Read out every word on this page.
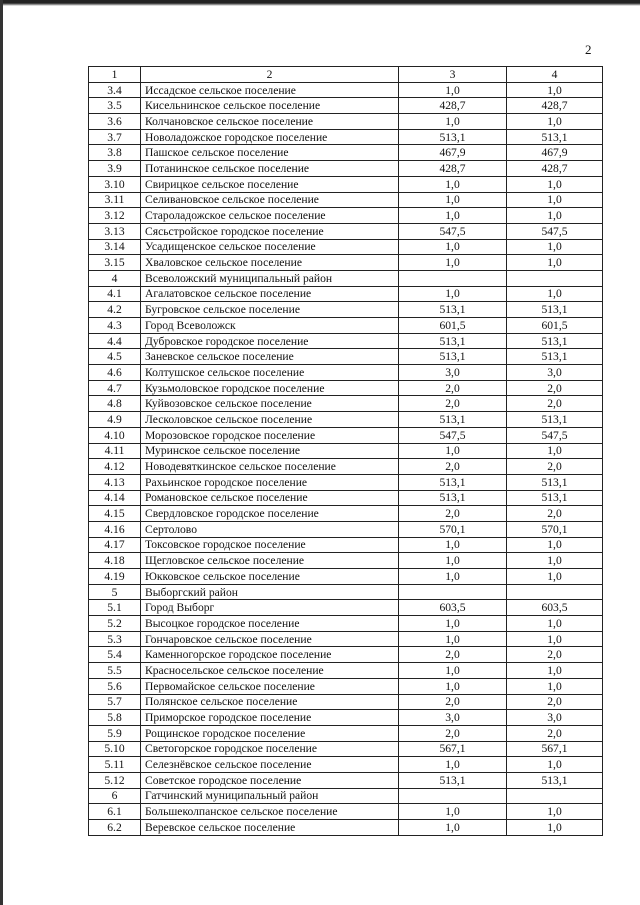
2
1	2	3	4
3.4	Иссадское сельское поселение	1,0	1,0
3.5	Кисельнинское сельское поселение	428,7	428,7
3.6	Колчановское сельское поселение	1,0	1,0
3.7	Новоладожское городское поселение	513,1	513,1
3.8	Пашское сельское поселение	467,9	467,9
3.9	Потанинское сельское поселение	428,7	428,7
3.10	Свирицкое сельское поселение	1,0	1,0
3.11	Селивановское сельское поселение	1,0	1,0
3.12	Староладожское сельское поселение	1,0	1,0
3.13	Сясьстройское городское поселение	547,5	547,5
3.14	Усадищенское сельское поселение	1,0	1,0
3.15	Хваловское сельское поселение	1,0	1,0
4	Всеволожский муниципальный район		
4.1	Агалатовское сельское поселение	1,0	1,0
4.2	Бугровское сельское поселение	513,1	513,1
4.3	Город Всеволожск	601,5	601,5
4.4	Дубровское городское поселение	513,1	513,1
4.5	Заневское сельское поселение	513,1	513,1
4.6	Колтушское сельское поселение	3,0	3,0
4.7	Кузьмоловское городское поселение	2,0	2,0
4.8	Куйвозовское сельское поселение	2,0	2,0
4.9	Лесколовское сельское поселение	513,1	513,1
4.10	Морозовское городское поселение	547,5	547,5
4.11	Муринское сельское поселение	1,0	1,0
4.12	Новодевяткинское сельское поселение	2,0	2,0
4.13	Рахьинское городское поселение	513,1	513,1
4.14	Романовское сельское поселение	513,1	513,1
4.15	Свердловское городское поселение	2,0	2,0
4.16	Сертолово	570,1	570,1
4.17	Токсовское городское поселение	1,0	1,0
4.18	Щегловское сельское поселение	1,0	1,0
4.19	Юкковское сельское поселение	1,0	1,0
5	Выборгский район		
5.1	Город Выборг	603,5	603,5
5.2	Высоцкое городское поселение	1,0	1,0
5.3	Гончаровское сельское поселение	1,0	1,0
5.4	Каменногорское городское поселение	2,0	2,0
5.5	Красносельское сельское поселение	1,0	1,0
5.6	Первомайское сельское поселение	1,0	1,0
5.7	Полянское сельское поселение	2,0	2,0
5.8	Приморское городское поселение	3,0	3,0
5.9	Рощинское городское поселение	2,0	2,0
5.10	Светогорское городское поселение	567,1	567,1
5.11	Селезнёвское сельское поселение	1,0	1,0
5.12	Советское городское поселение	513,1	513,1
6	Гатчинский муниципальный район		
6.1	Большеколпанское сельское поселение	1,0	1,0
6.2	Веревское сельское поселение	1,0	1,0
